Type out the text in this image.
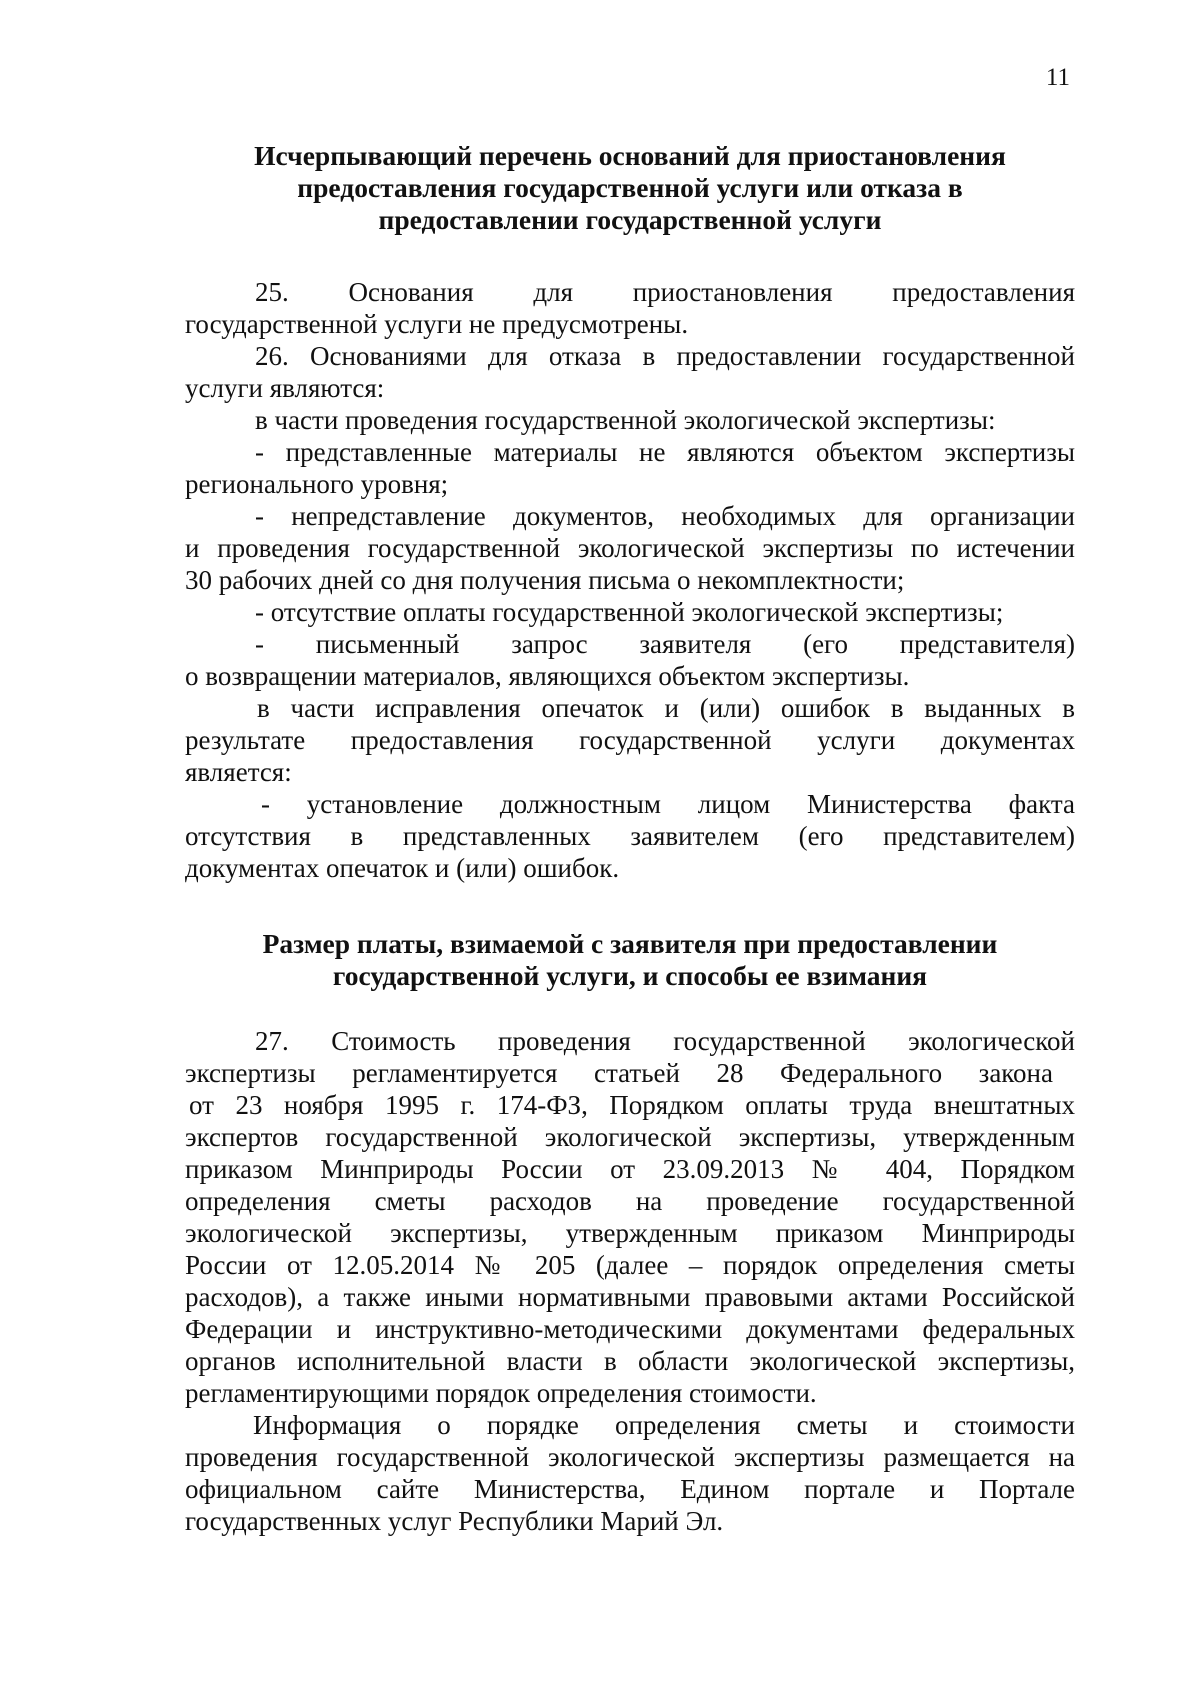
11
Исчерпывающий перечень оснований для приостановления
предоставления государственной услуги или отказа в
предоставлении государственной услуги
25. Основания для приостановления предоставления
государственной услуги не предусмотрены.
26. Основаниями для отказа в предоставлении государственной
услуги являются:
в части проведения государственной экологической экспертизы:
- представленные материалы не являются объектом экспертизы
регионального уровня;
- непредставление документов, необходимых для организации
и проведения государственной экологической экспертизы по истечении
30 рабочих дней со дня получения письма о некомплектности;
- отсутствие оплаты государственной экологической экспертизы;
- письменный запрос заявителя (его представителя)
о возвращении материалов, являющихся объектом экспертизы.
в части исправления опечаток и (или) ошибок в выданных в
результате предоставления государственной услуги документах
является:
- установление должностным лицом Министерства факта
отсутствия в представленных заявителем (его представителем)
документах опечаток и (или) ошибок.
Размер платы, взимаемой с заявителя при предоставлении
государственной услуги, и способы ее взимания
27. Стоимость проведения государственной экологической
экспертизы регламентируется статьей 28 Федерального закона
от 23 ноября 1995 г. 174-ФЗ, Порядком оплаты труда внештатных
экспертов государственной экологической экспертизы, утвержденным
приказом Минприроды России от 23.09.2013 № 404, Порядком
определения сметы расходов на проведение государственной
экологической экспертизы, утвержденным приказом Минприроды
России от 12.05.2014 № 205 (далее – порядок определения сметы
расходов), а также иными нормативными правовыми актами Российской
Федерации и инструктивно-методическими документами федеральных
органов исполнительной власти в области экологической экспертизы,
регламентирующими порядок определения стоимости.
Информация о порядке определения сметы и стоимости
проведения государственной экологической экспертизы размещается на
официальном сайте Министерства, Едином портале и Портале
государственных услуг Республики Марий Эл.
